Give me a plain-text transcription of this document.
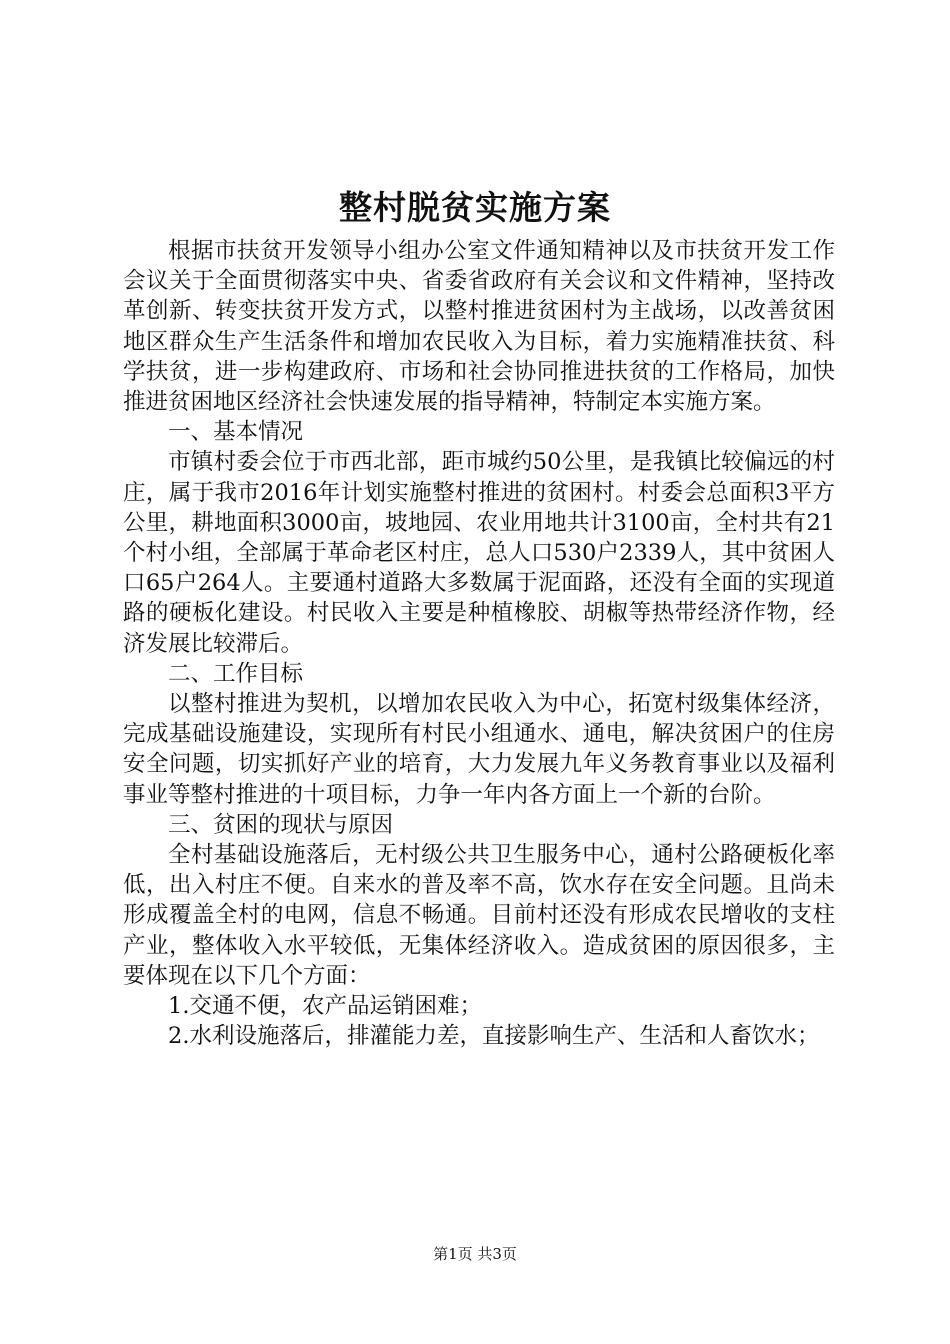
整村脱贫实施方案

根据市扶贫开发领导小组办公室文件通知精神以及市扶贫开发工作会议关于全面贯彻落实中央、省委省政府有关会议和文件精神，坚持改革创新、转变扶贫开发方式，以整村推进贫困村为主战场，以改善贫困地区群众生产生活条件和增加农民收入为目标，着力实施精准扶贫、科学扶贫，进一步构建政府、市场和社会协同推进扶贫的工作格局，加快推进贫困地区经济社会快速发展的指导精神，特制定本实施方案。

一、基本情况

市镇村委会位于市西北部，距市城约50公里，是我镇比较偏远的村庄，属于我市2016年计划实施整村推进的贫困村。村委会总面积3平方公里，耕地面积3000亩，坡地园、农业用地共计3100亩，全村共有21个村小组，全部属于革命老区村庄，总人口530户2339人，其中贫困人口65户264人。主要通村道路大多数属于泥面路，还没有全面的实现道路的硬板化建设。村民收入主要是种植橡胶、胡椒等热带经济作物，经济发展比较滞后。

二、工作目标

以整村推进为契机，以增加农民收入为中心，拓宽村级集体经济，完成基础设施建设，实现所有村民小组通水、通电，解决贫困户的住房安全问题，切实抓好产业的培育，大力发展九年义务教育事业以及福利事业等整村推进的十项目标，力争一年内各方面上一个新的台阶。

三、贫困的现状与原因

全村基础设施落后，无村级公共卫生服务中心，通村公路硬板化率低，出入村庄不便。自来水的普及率不高，饮水存在安全问题。且尚未形成覆盖全村的电网，信息不畅通。目前村还没有形成农民增收的支柱产业，整体收入水平较低，无集体经济收入。造成贫困的原因很多，主要体现在以下几个方面：

1.交通不便，农产品运销困难；

2.水利设施落后，排灌能力差，直接影响生产、生活和人畜饮水；

第1页 共3页
